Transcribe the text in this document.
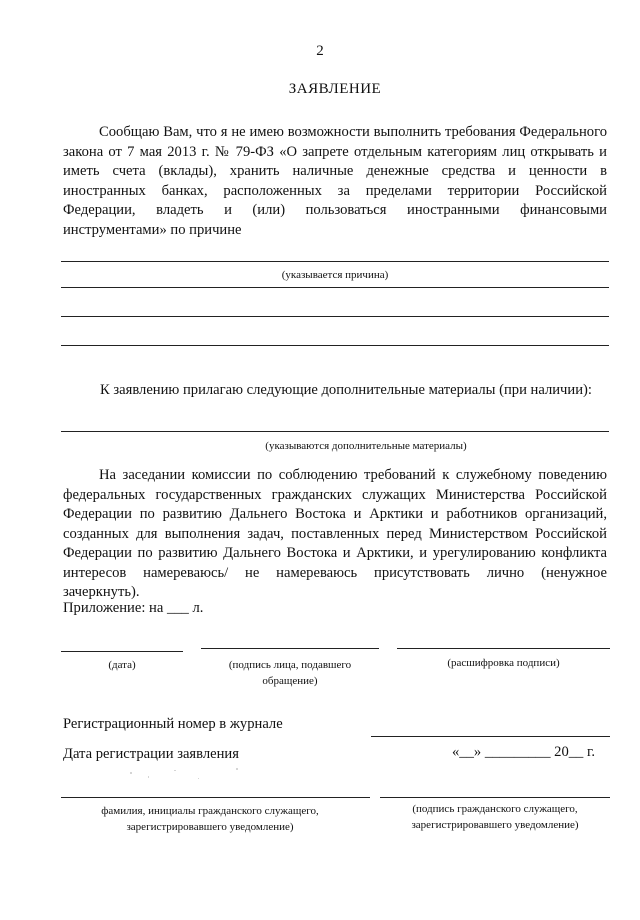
2
ЗАЯВЛЕНИЕ
Сообщаю Вам, что я не имею возможности выполнить требования Федерального закона от 7 мая 2013 г. № 79-ФЗ «О запрете отдельным категориям лиц открывать и иметь счета (вклады), хранить наличные денежные средства и ценности в иностранных банках, расположенных за пределами территории Российской Федерации, владеть и (или) пользоваться иностранными финансовыми инструментами» по причине
(указывается причина)
К заявлению прилагаю следующие дополнительные материалы (при наличии):
(указываются дополнительные материалы)
На заседании комиссии по соблюдению требований к служебному поведению федеральных государственных гражданских служащих Министерства Российской Федерации по развитию Дальнего Востока и Арктики и работников организаций, созданных для выполнения задач, поставленных перед Министерством Российской Федерации по развитию Дальнего Востока и Арктики, и урегулированию конфликта интересов намереваюсь/ не намереваюсь присутствовать лично (ненужное зачеркнуть).
Приложение: на ___ л.
(дата)	(подпись лица, подавшего обращение)
(расшифровка подписи)
Регистрационный номер в журнале
Дата регистрации заявления	«__» _________ 20__ г.
фамилия, инициалы гражданского служащего, зарегистрировавшего уведомление)
(подпись гражданского служащего, зарегистрировавшего уведомление)
